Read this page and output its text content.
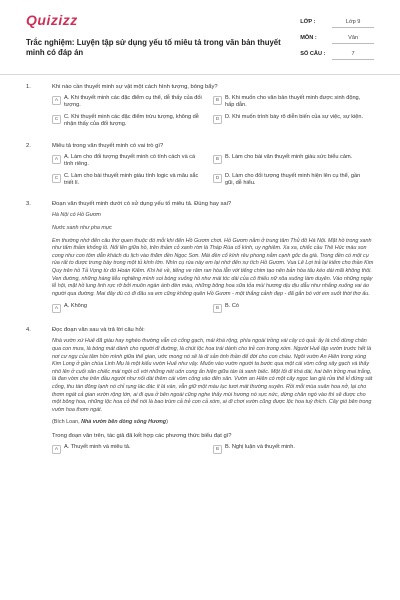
Quizizz
Trắc nghiệm: Luyện tập sử dụng yếu tố miêu tả trong văn bản thuyết minh có đáp án
LỚP :	Lớp 9
MÔN :	Văn
SỐ CÂU :	7
1.	Khi nào cần thuyết minh sự vật một cách hình tượng, bóng bẩy?
A	A. Khi thuyết minh các đặc điểm cụ thể, dễ thấy của đối tượng.
B	B. Khi muốn cho văn bản thuyết minh được sinh động, hấp dẫn.
C	C. Khi thuyết minh các đặc điểm trừu tượng, không dễ nhận thấy của đối tượng.
D	D. Khi muốn trình bày rõ diễn biến của sự việc, sự kiện.
2.	Miêu tả trong văn thuyết minh có vai trò gì?
A	A. Làm cho đối tượng thuyết minh có tính cách và cá tính riêng.
B	B. Làm cho bài văn thuyết minh giàu sức biểu cảm.
C	C. Làm cho bài thuyết minh giàu tính logic và mâu sắc triết lí.
D	D. Làm cho đối tượng thuyết minh hiện lên cụ thể, gần gũi, dễ hiểu.
3.	Đoạn văn thuyết minh dưới có sử dụng yếu tố miêu tả. Đúng hay sai?
Hà Nội có Hồ Gươm
Nước xanh như pha mực
Em thường nhớ đến câu thơ quen thuộc đó mỗi khi đến Hồ Gươm chơi. Hồ Gươm nằm ở trung tâm Thủ đô Hà Nội. Mặt hồ trong xanh như tấm thảm khổng lồ. Nổi lên giữa hồ, trên thảm cỏ xanh rờn là Tháp Rùa cổ kính, uy nghiêm. Xa xa, chiếc cầu Thê Húc màu son cong như con tôm dẫn khách du lịch vào thăm đền Ngọc Sơn. Mái đền cổ kính rêu phong nằm cạnh gốc đa già. Trong đền có một cụ rùa rất to được trưng bày trong một tủ kính lớn. Nhìn cụ rùa này em lại nhớ đến sự tích Hồ Gươm. Vua Lê Lợi trả lại kiếm cho thần Kim Quy trên hồ Tả Vọng từ đó Hoàn Kiếm. Khi hè về, tiếng ve râm ran hòa lẫn với tiếng chim tạo nên bản hòa tấu kéo dài mãi không thôi. Ven đường, những hàng liễu nghiêng mình soi bóng xuống hồ như mái tóc dài của cô thiếu nữ xõa xuống làm duyên. Vào những ngày lễ hội, mặt hồ lung linh rực rỡ bởi muôn ngàn ánh đèn màu, những bông hoa sữa tỏa mùi hương dịu dịu dẫu như nhắng xuống vai áo người qua đường. Mai đây dù có đi đâu xa em cũng không quên Hồ Gươm - một thắng cảnh đẹp - đã gắn bó với em suốt thời thơ ấu.
A	A. Không	B	B. Có
4.	Đọc đoạn văn sau và trả lời câu hỏi:
Nhà vườn xứ Huế đã giàu hay nghèo thường vẫn có cổng gạch, mái khá rộng, phía ngoài trồng vài cây có quả: ấy là chỗ dừng chân qua con mưa, là bóng mát dành cho người đi đường, là chút lộc hoa trái dành cho trẻ con trong xóm. Người Huế lập vườn trước hết là nơi cư ngụ của tâm hồn mình giữa thế gian, ước mong nó sẽ là di sản tinh thần để đời cho con cháu. Ngôi vườn An Hiên trong vùng Kim Long ở gần chùa Linh Mụ là một kiểu vườn Huế như vậy. Muốn vào vườn người ta bước qua một cái vòm cổng xây gạch và thấy nhô lên ở cuối sân chiếc mái ngói cổ với những nét uốn cong ẩn hiện giữa tán lá xanh biếc. Một lối đi khá dài, hai bên trồng mai trắng, là đan vòm che trên đầu người như nối dài thêm cái vòm cổng vào đến sân. Vườn an Hiên có một cây ngọc lan già rửa thế kỉ đứng sát cổng, thu tàn đông lạnh nó chỉ rụng lác đác ít lá vàn, vẫn giữ một màu lục tươi mát thường xuyên. Rồi mỗi mùa xuân hoa nở, lại cho thơm ngát cả gian vườn rộng lớn, ai đi qua ở bên ngoài cũng nghe thấy mùi hương nó sực nức, dừng chân ngó vào thì sẽ được cho một bông hoa, những lộc hoa cỏ thể nói là bao trùm cả trẻ con cả xóm, ai đi chơi vườn cũng được lộc hoa tuỳ thích. Cây gió bên trong vườn hoa thơm ngát.
(Bích Loan, Nhà vườn bên dòng sông Hương)
Trong đoạn văn trên, tác giả đã kết hợp các phương thức biểu đạt gì?
A	A. Thuyết minh và miêu tả.	B	B. Nghị luận và thuyết minh.
